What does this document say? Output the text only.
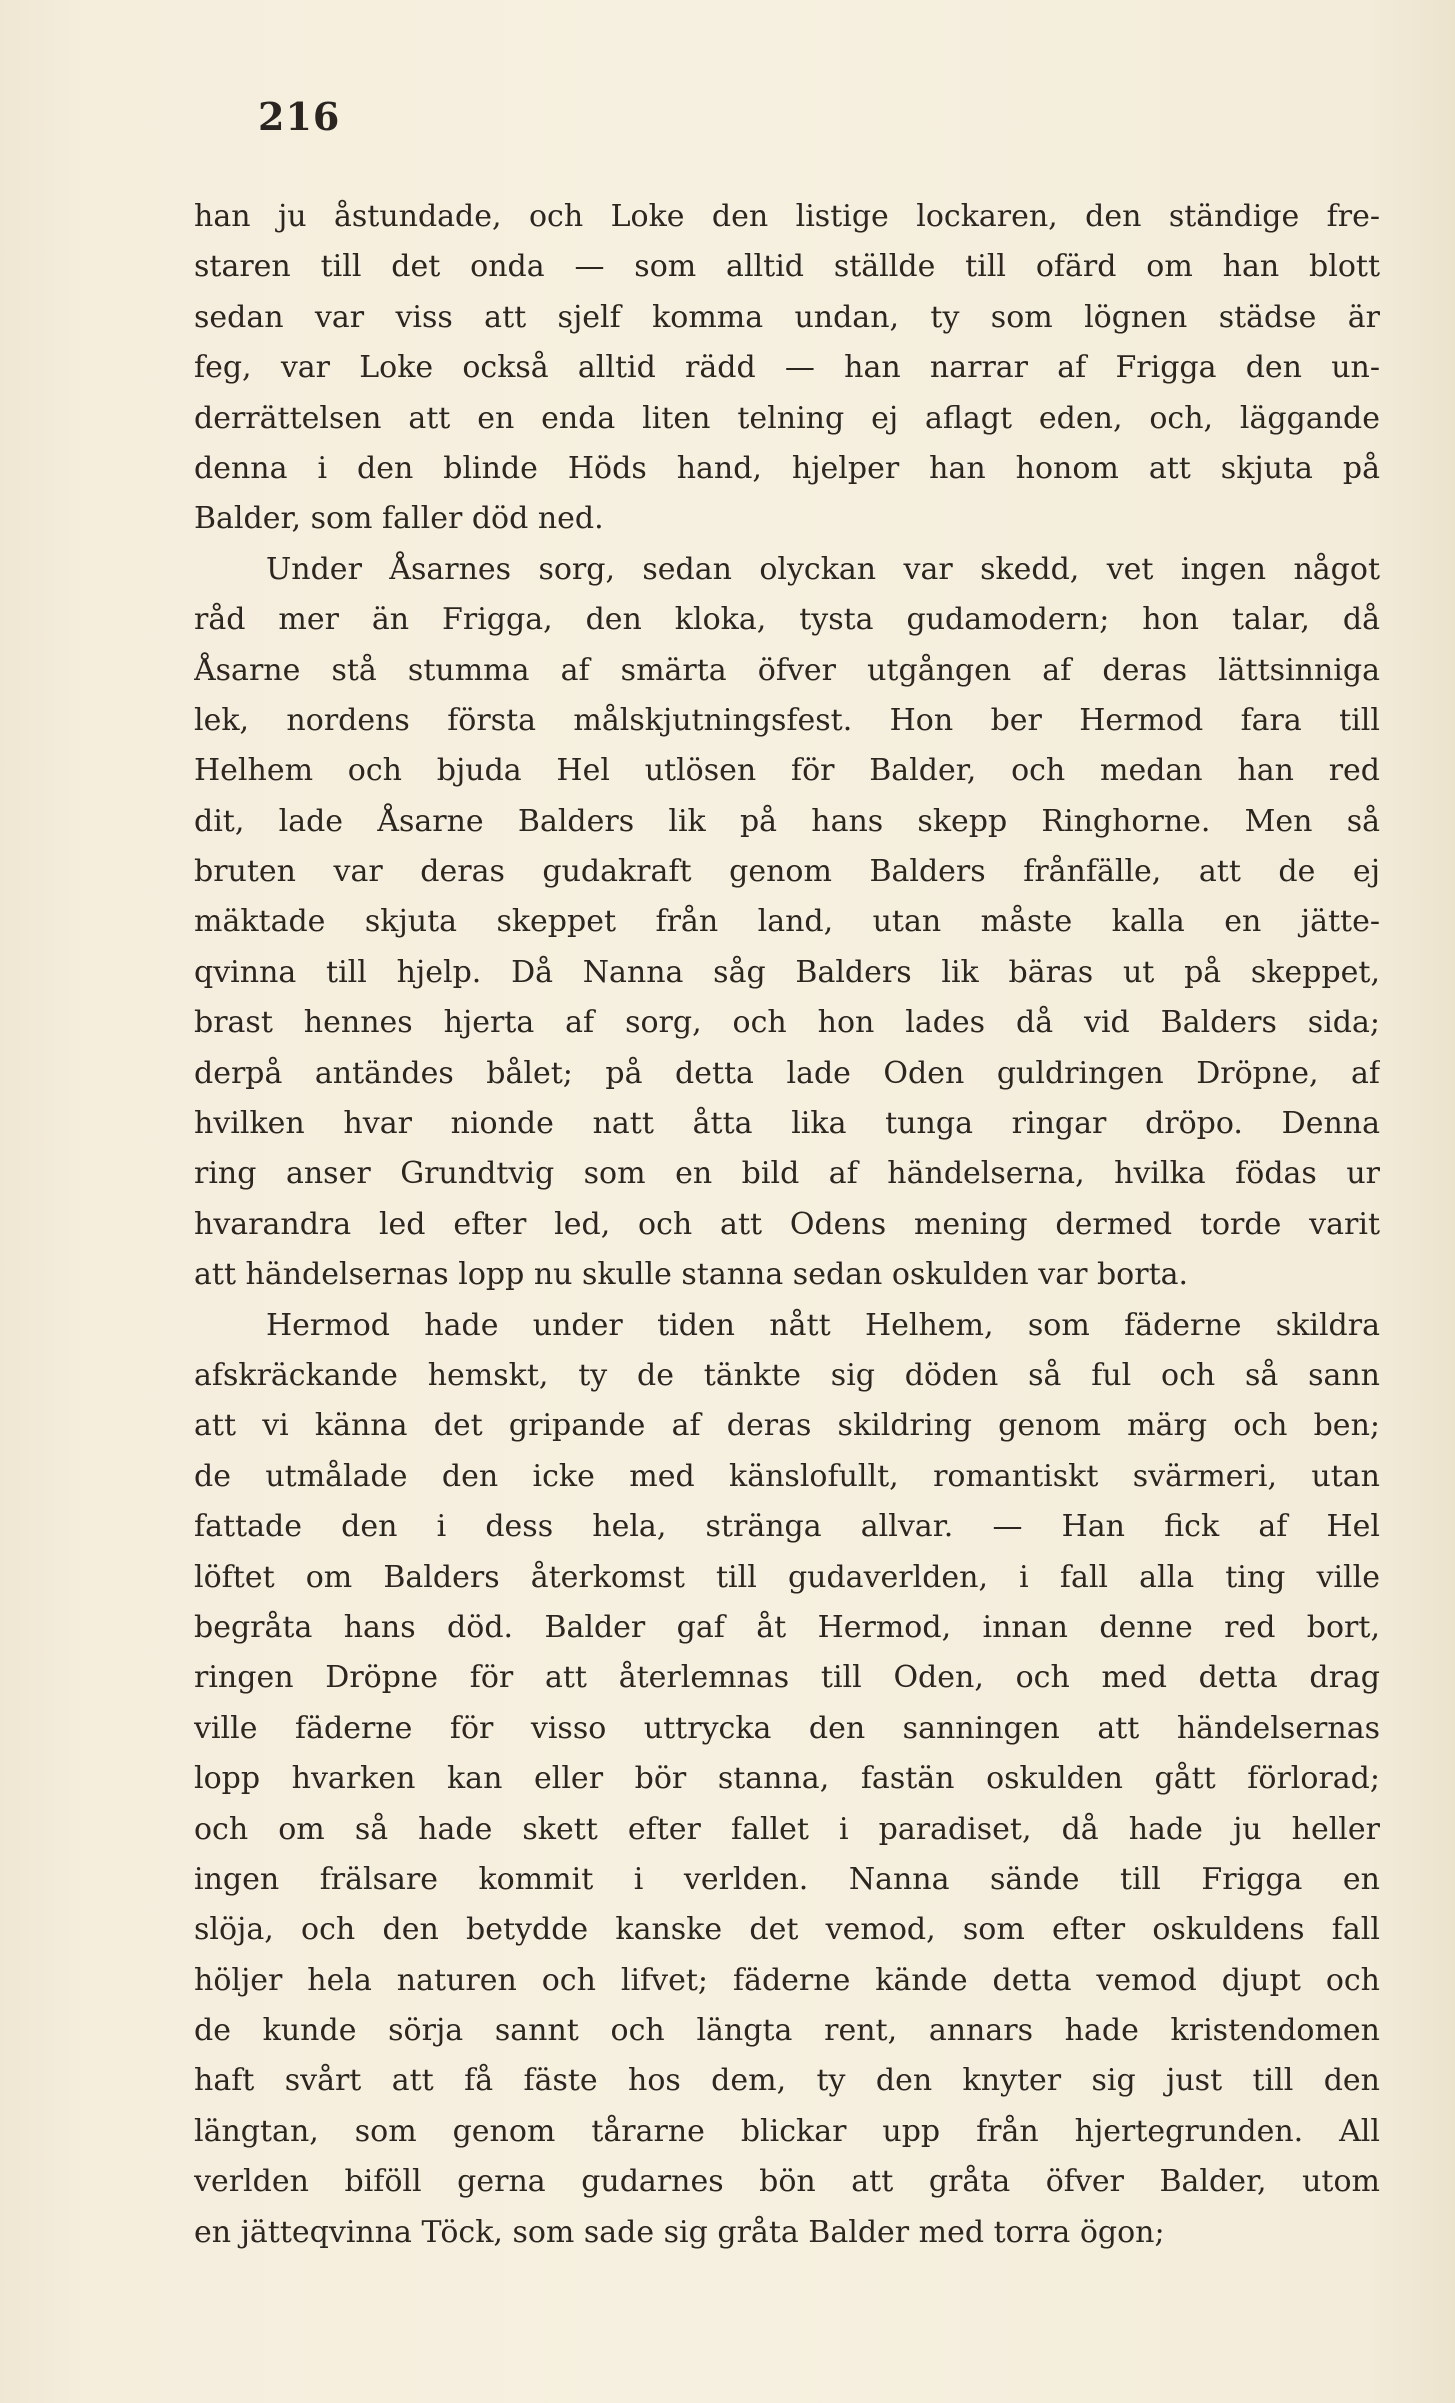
216
han ju åstundade, och Loke den listige lockaren, den ständige fre-
staren till det onda — som alltid ställde till ofärd om han blott
sedan var viss att sjelf komma undan, ty som lögnen städse är
feg, var Loke också alltid rädd — han narrar af Frigga den un-
derrättelsen att en enda liten telning ej aflagt eden, och, läggande
denna i den blinde Höds hand, hjelper han honom att skjuta på
Balder, som faller död ned.
Under Åsarnes sorg, sedan olyckan var skedd, vet ingen något
råd mer än Frigga, den kloka, tysta gudamodern; hon talar, då
Åsarne stå stumma af smärta öfver utgången af deras lättsinniga
lek, nordens första målskjutningsfest. Hon ber Hermod fara till
Helhem och bjuda Hel utlösen för Balder, och medan han red
dit, lade Åsarne Balders lik på hans skepp Ringhorne. Men så
bruten var deras gudakraft genom Balders frånfälle, att de ej
mäktade skjuta skeppet från land, utan måste kalla en jätte-
qvinna till hjelp. Då Nanna såg Balders lik bäras ut på skeppet,
brast hennes hjerta af sorg, och hon lades då vid Balders sida;
derpå antändes bålet; på detta lade Oden guldringen Dröpne, af
hvilken hvar nionde natt åtta lika tunga ringar dröpo. Denna
ring anser Grundtvig som en bild af händelserna, hvilka födas ur
hvarandra led efter led, och att Odens mening dermed torde varit
att händelsernas lopp nu skulle stanna sedan oskulden var borta.
Hermod hade under tiden nått Helhem, som fäderne skildra
afskräckande hemskt, ty de tänkte sig döden så ful och så sann
att vi känna det gripande af deras skildring genom märg och ben;
de utmålade den icke med känslofullt, romantiskt svärmeri, utan
fattade den i dess hela, stränga allvar. — Han fick af Hel
löftet om Balders återkomst till gudaverlden, i fall alla ting ville
begråta hans död. Balder gaf åt Hermod, innan denne red bort,
ringen Dröpne för att återlemnas till Oden, och med detta drag
ville fäderne för visso uttrycka den sanningen att händelsernas
lopp hvarken kan eller bör stanna, fastän oskulden gått förlorad;
och om så hade skett efter fallet i paradiset, då hade ju heller
ingen frälsare kommit i verlden. Nanna sände till Frigga en
slöja, och den betydde kanske det vemod, som efter oskuldens fall
höljer hela naturen och lifvet; fäderne kände detta vemod djupt och
de kunde sörja sannt och längta rent, annars hade kristendomen
haft svårt att få fäste hos dem, ty den knyter sig just till den
längtan, som genom tårarne blickar upp från hjertegrunden. All
verlden biföll gerna gudarnes bön att gråta öfver Balder, utom
en jätteqvinna Töck, som sade sig gråta Balder med torra ögon;
